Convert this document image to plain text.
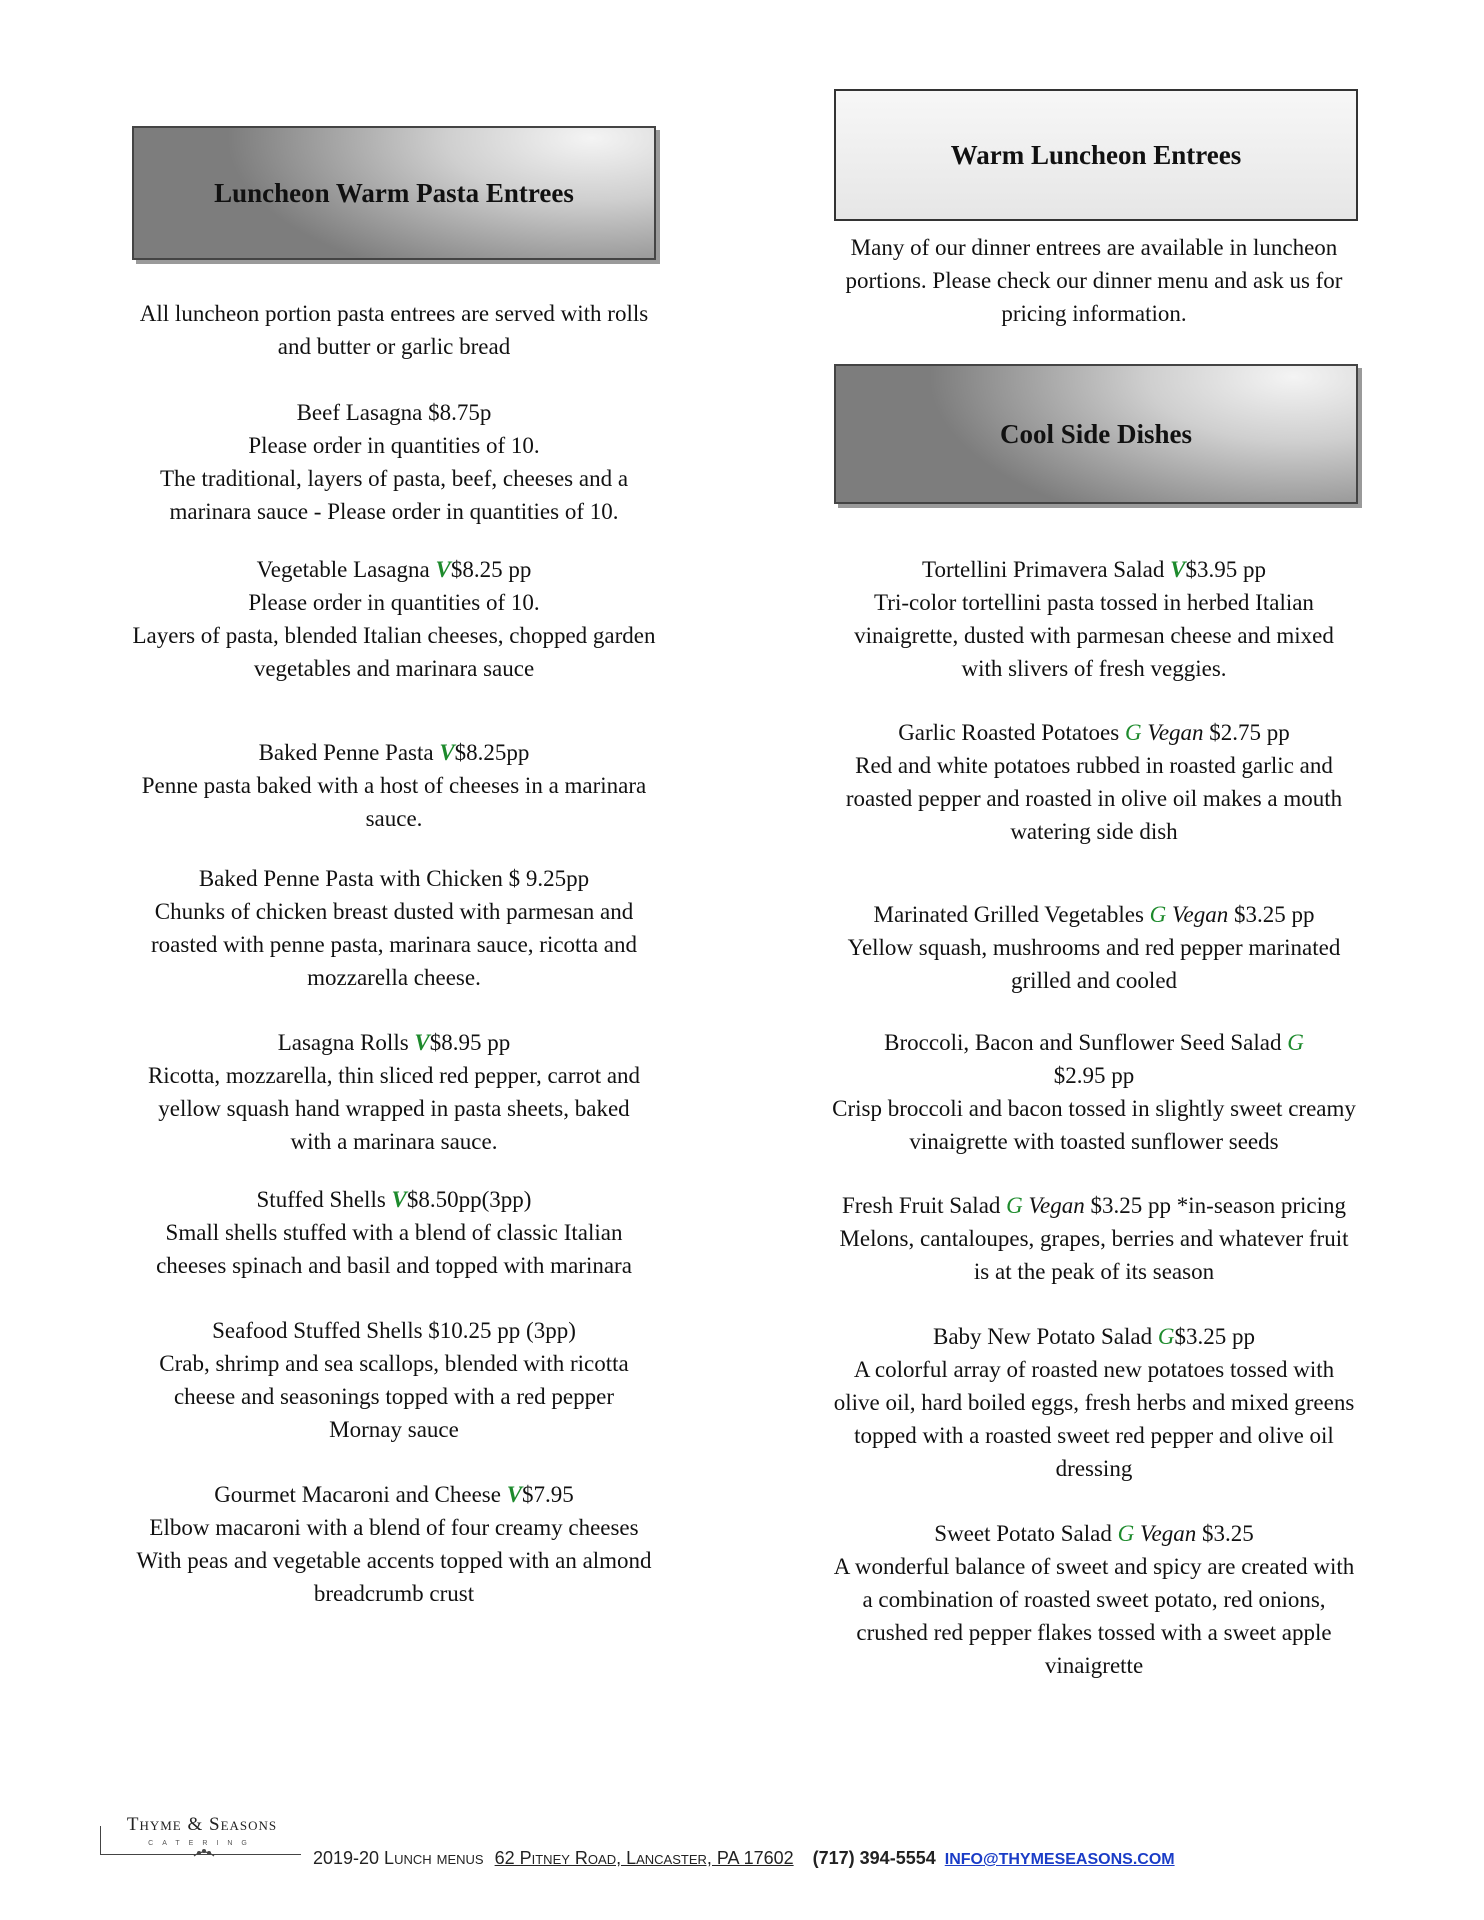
Luncheon Warm Pasta Entrees

All luncheon portion pasta entrees are served with rolls

and butter or garlic bread

Beef Lasagna $8.75p

Please order in quantities of 10.

The traditional, layers of pasta, beef, cheeses and a

marinara sauce - Please order in quantities of 10.

Vegetable Lasagna V$8.25 pp

Please order in quantities of 10.

Layers of pasta, blended Italian cheeses, chopped garden

vegetables and marinara sauce

Baked Penne Pasta V$8.25pp

Penne pasta baked with a host of cheeses in a marinara

sauce.

Baked Penne Pasta with Chicken $ 9.25pp

Chunks of chicken breast dusted with parmesan and

roasted with penne pasta, marinara sauce, ricotta and

mozzarella cheese.

Lasagna Rolls V$8.95 pp

Ricotta, mozzarella, thin sliced red pepper, carrot and

yellow squash hand wrapped in pasta sheets, baked

with a marinara sauce.

Stuffed Shells V$8.50pp(3pp)

Small shells stuffed with a blend of classic Italian

cheeses spinach and basil and topped with marinara

Seafood Stuffed Shells $10.25 pp (3pp)

Crab, shrimp and sea scallops, blended with ricotta

cheese and seasonings topped with a red pepper

Mornay sauce

Gourmet Macaroni and Cheese V$7.95

Elbow macaroni with a blend of four creamy cheeses

With peas and vegetable accents topped with an almond

breadcrumb crust

Warm Luncheon Entrees
Cool Side Dishes

Many of our dinner entrees are available in luncheon

portions. Please check our dinner menu and ask us for

pricing information.

Tortellini Primavera Salad V$3.95 pp

Tri-color tortellini pasta tossed in herbed Italian

vinaigrette, dusted with parmesan cheese and mixed

with slivers of fresh veggies.

Garlic Roasted Potatoes G Vegan $2.75 pp

Red and white potatoes rubbed in roasted garlic and

roasted pepper and roasted in olive oil makes a mouth

watering side dish

Marinated Grilled Vegetables G Vegan $3.25 pp

Yellow squash, mushrooms and red pepper marinated

grilled and cooled

Broccoli, Bacon and Sunflower Seed Salad G

$2.95 pp

Crisp broccoli and bacon tossed in slightly sweet creamy

vinaigrette with toasted sunflower seeds

Fresh Fruit Salad G Vegan $3.25 pp *in-season pricing

Melons, cantaloupes, grapes, berries and whatever fruit

is at the peak of its season

Baby New Potato Salad G$3.25 pp

A colorful array of roasted new potatoes tossed with

olive oil, hard boiled eggs, fresh herbs and mixed greens

topped with a roasted sweet red pepper and olive oil

dressing

Sweet Potato Salad G Vegan $3.25

A wonderful balance of sweet and spicy are created with

a combination of roasted sweet potato, red onions,

crushed red pepper flakes tossed with a sweet apple

vinaigrette

Thyme & Seasons
CATERING
2019-20 Lunch menus 62 Pitney Road, Lancaster, PA 17602 (717) 394-5554 INFO@THYMESEASONS.COM
